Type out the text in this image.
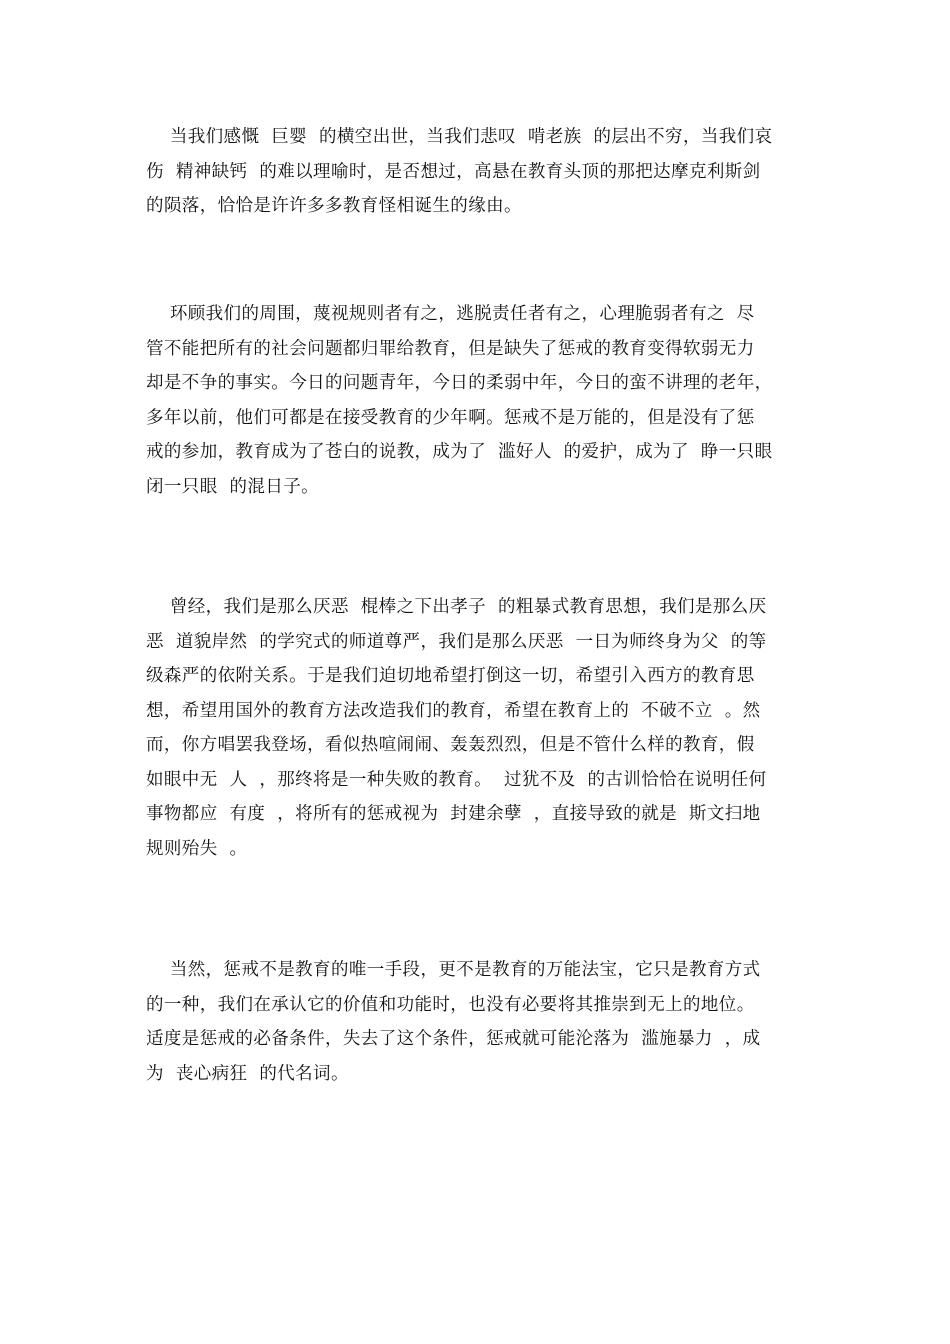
当我们感慨  巨婴  的横空出世，当我们悲叹  啃老族  的层出不穷，当我们哀
伤  精神缺钙  的难以理喻时，是否想过，高悬在教育头顶的那把达摩克利斯剑
的陨落，恰恰是许许多多教育怪相诞生的缘由。
环顾我们的周围，蔑视规则者有之，逃脱责任者有之，心理脆弱者有之  尽
管不能把所有的社会问题都归罪给教育，但是缺失了惩戒的教育变得软弱无力
却是不争的事实。今日的问题青年，今日的柔弱中年，今日的蛮不讲理的老年，
多年以前，他们可都是在接受教育的少年啊。惩戒不是万能的，但是没有了惩
戒的参加，教育成为了苍白的说教，成为了  滥好人  的爱护，成为了  睁一只眼
闭一只眼  的混日子。
曾经，我们是那么厌恶  棍棒之下出孝子  的粗暴式教育思想，我们是那么厌
恶  道貌岸然  的学究式的师道尊严，我们是那么厌恶  一日为师终身为父  的等
级森严的依附关系。于是我们迫切地希望打倒这一切，希望引入西方的教育思
想，希望用国外的教育方法改造我们的教育，希望在教育上的  不破不立  。然
而，你方唱罢我登场，看似热喧闹闹、轰轰烈烈，但是不管什么样的教育，假
如眼中无  人  ，那终将是一种失败的教育。  过犹不及  的古训恰恰在说明任何
事物都应  有度  ，将所有的惩戒视为  封建余孽  ，直接导致的就是  斯文扫地
规则殆失  。
当然，惩戒不是教育的唯一手段，更不是教育的万能法宝，它只是教育方式
的一种，我们在承认它的价值和功能时，也没有必要将其推崇到无上的地位。
适度是惩戒的必备条件，失去了这个条件，惩戒就可能沦落为  滥施暴力  ，成
为  丧心病狂  的代名词。
